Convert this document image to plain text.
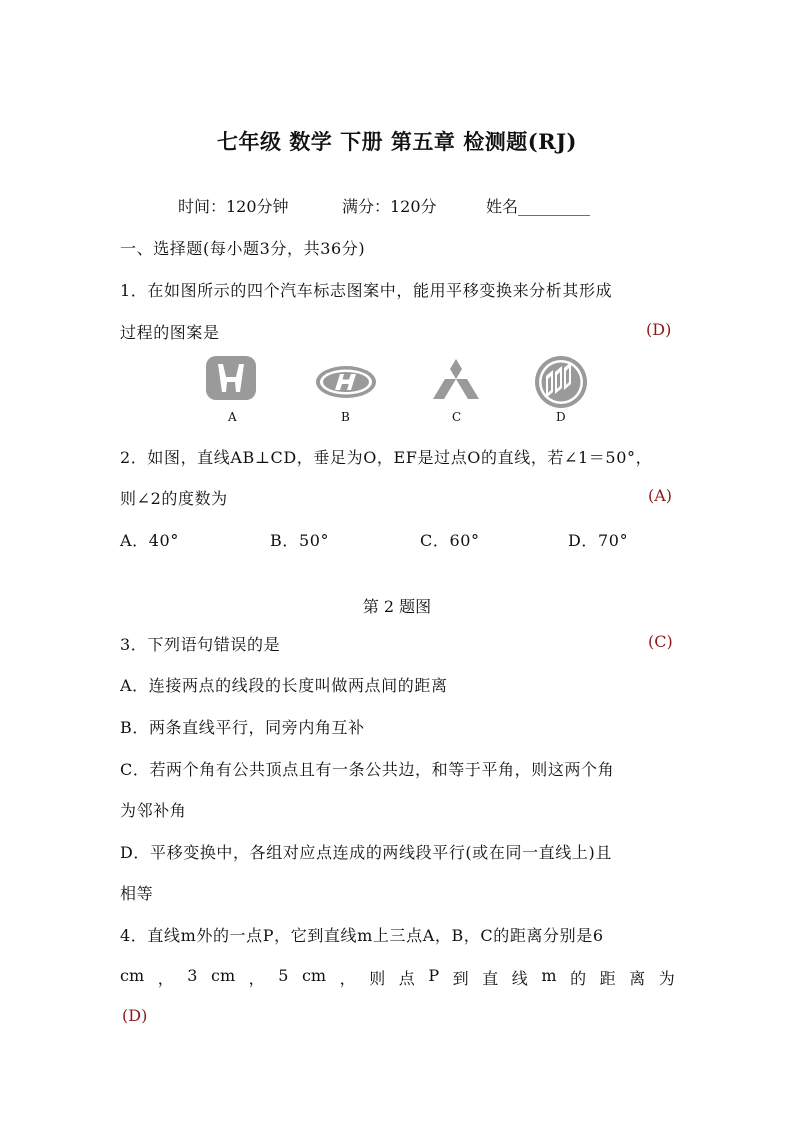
七年级 数学 下册 第五章 检测题(RJ)
时间：120分钟	满分：120分	姓名_________
一、选择题(每小题3分，共36分)
1．在如图所示的四个汽车标志图案中，能用平移变换来分析其形成
过程的图案是	(D)
A	B	C	D
2．如图，直线AB⊥CD，垂足为O，EF是过点O的直线，若∠1＝50°，
则∠2的度数为	(A)
A．40°	B．50°	C．60°	D．70°
第 2 题图
3．下列语句错误的是	(C)
A．连接两点的线段的长度叫做两点间的距离
B．两条直线平行，同旁内角互补
C．若两个角有公共顶点且有一条公共边，和等于平角，则这两个角
为邻补角
D．平移变换中，各组对应点连成的两线段平行(或在同一直线上)且
相等
4．直线m外的一点P，它到直线m上三点A，B，C的距离分别是6
cm ， 3 cm ， 5 cm ， 则 点 P 到 直 线 m 的 距 离 为
(D)
